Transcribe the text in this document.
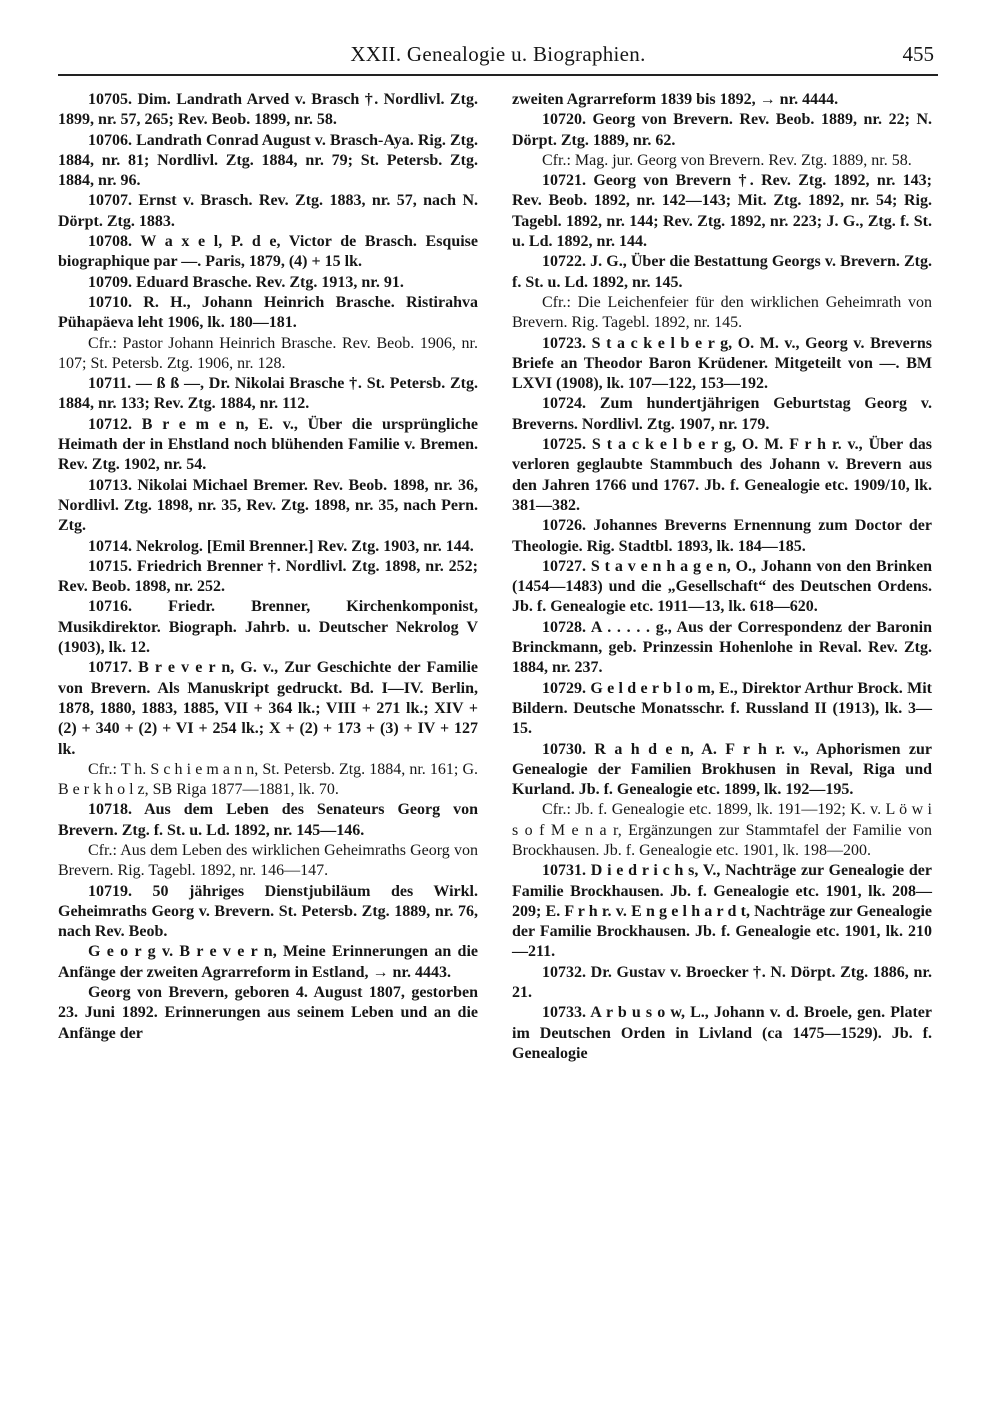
XXII. Genealogie u. Biographien.	455

10705. Dim. Landrath Arved v. Brasch †. Nordlivl. Ztg. 1899, nr. 57, 265; Rev. Beob. 1899, nr. 58.

10706. Landrath Conrad August v. Brasch-Aya. Rig. Ztg. 1884, nr. 81; Nordlivl. Ztg. 1884, nr. 79; St. Petersb. Ztg. 1884, nr. 96.

10707. Ernst v. Brasch. Rev. Ztg. 1883, nr. 57, nach N. Dörpt. Ztg. 1883.

10708. W a x e l, P. d e, Victor de Brasch. Esquise biographique par —. Paris, 1879, (4) + 15 lk.

10709. Eduard Brasche. Rev. Ztg. 1913, nr. 91.

10710. R. H., Johann Heinrich Brasche. Ristirahva Pühapäeva leht 1906, lk. 180—181.

Cfr.: Pastor Johann Heinrich Brasche. Rev. Beob. 1906, nr. 107; St. Petersb. Ztg. 1906, nr. 128.

10711. — ß ß —, Dr. Nikolai Brasche †. St. Petersb. Ztg. 1884, nr. 133; Rev. Ztg. 1884, nr. 112.

10712. B r e m e n, E. v., Über die ursprüngliche Heimath der in Ehstland noch blühenden Familie v. Bremen. Rev. Ztg. 1902, nr. 54.

10713. Nikolai Michael Bremer. Rev. Beob. 1898, nr. 36, Nordlivl. Ztg. 1898, nr. 35, Rev. Ztg. 1898, nr. 35, nach Pern. Ztg.

10714. Nekrolog. [Emil Brenner.] Rev. Ztg. 1903, nr. 144.

10715. Friedrich Brenner †. Nordlivl. Ztg. 1898, nr. 252; Rev. Beob. 1898, nr. 252.

10716. Friedr. Brenner, Kirchenkomponist, Musikdirektor. Biograph. Jahrb. u. Deutscher Nekrolog V (1903), lk. 12.

10717. B r e v e r n, G. v., Zur Geschichte der Familie von Brevern. Als Manuskript gedruckt. Bd. I—IV. Berlin, 1878, 1880, 1883, 1885, VII + 364 lk.; VIII + 271 lk.; XIV + (2) + 340 + (2) + VI + 254 lk.; X + (2) + 173 + (3) + IV + 127 lk.

Cfr.: T h. S c h i e m a n n, St. Petersb. Ztg. 1884, nr. 161; G. B e r k h o l z, SB Riga 1877—1881, lk. 70.

10718. Aus dem Leben des Senateurs Georg von Brevern. Ztg. f. St. u. Ld. 1892, nr. 145—146.

Cfr.: Aus dem Leben des wirklichen Geheimraths Georg von Brevern. Rig. Tagebl. 1892, nr. 146—147.

10719. 50 jähriges Dienstjubiläum des Wirkl. Geheimraths Georg v. Brevern. St. Petersb. Ztg. 1889, nr. 76, nach Rev. Beob.

G e o r g v. B r e v e r n, Meine Erinnerungen an die Anfänge der zweiten Agrarreform in Estland, → nr. 4443.

Georg von Brevern, geboren 4. August 1807, gestorben 23. Juni 1892. Erinnerungen aus seinem Leben und an die Anfänge der

zweiten Agrarreform 1839 bis 1892, → nr. 4444.

10720. Georg von Brevern. Rev. Beob. 1889, nr. 22; N. Dörpt. Ztg. 1889, nr. 62.

Cfr.: Mag. jur. Georg von Brevern. Rev. Ztg. 1889, nr. 58.

10721. Georg von Brevern †. Rev. Ztg. 1892, nr. 143; Rev. Beob. 1892, nr. 142—143; Mit. Ztg. 1892, nr. 54; Rig. Tagebl. 1892, nr. 144; Rev. Ztg. 1892, nr. 223; J. G., Ztg. f. St. u. Ld. 1892, nr. 144.

10722. J. G., Über die Bestattung Georgs v. Brevern. Ztg. f. St. u. Ld. 1892, nr. 145.

Cfr.: Die Leichenfeier für den wirklichen Geheimrath von Brevern. Rig. Tagebl. 1892, nr. 145.

10723. S t a c k e l b e r g, O. M. v., Georg v. Breverns Briefe an Theodor Baron Krüdener. Mitgeteilt von —. BM LXVI (1908), lk. 107—122, 153—192.

10724. Zum hundertjährigen Geburtstag Georg v. Breverns. Nordlivl. Ztg. 1907, nr. 179.

10725. S t a c k e l b e r g, O. M. F r h r. v., Über das verloren geglaubte Stammbuch des Johann v. Brevern aus den Jahren 1766 und 1767. Jb. f. Genealogie etc. 1909/10, lk. 381—382.

10726. Johannes Breverns Ernennung zum Doctor der Theologie. Rig. Stadtbl. 1893, lk. 184—185.

10727. S t a v e n h a g e n, O., Johann von den Brinken (1454—1483) und die „Gesellschaft“ des Deutschen Ordens. Jb. f. Genealogie etc. 1911—13, lk. 618—620.

10728. A . . . . . g., Aus der Correspondenz der Baronin Brinckmann, geb. Prinzessin Hohenlohe in Reval. Rev. Ztg. 1884, nr. 237.

10729. G e l d e r b l o m, E., Direktor Arthur Brock. Mit Bildern. Deutsche Monatsschr. f. Russland II (1913), lk. 3—15.

10730. R a h d e n, A. F r h r. v., Aphorismen zur Genealogie der Familien Brokhusen in Reval, Riga und Kurland. Jb. f. Genealogie etc. 1899, lk. 192—195.

Cfr.: Jb. f. Genealogie etc. 1899, lk. 191—192; K. v. L ö w i s o f M e n a r, Ergänzungen zur Stammtafel der Familie von Brockhausen. Jb. f. Genealogie etc. 1901, lk. 198—200.

10731. D i e d r i c h s, V., Nachträge zur Genealogie der Familie Brockhausen. Jb. f. Genealogie etc. 1901, lk. 208—209; E. F r h r. v. E n g e l h a r d t, Nachträge zur Genealogie der Familie Brockhausen. Jb. f. Genealogie etc. 1901, lk. 210—211.

10732. Dr. Gustav v. Broecker †. N. Dörpt. Ztg. 1886, nr. 21.

10733. A r b u s o w, L., Johann v. d. Broele, gen. Plater im Deutschen Orden in Livland (ca 1475—1529). Jb. f. Genealogie
